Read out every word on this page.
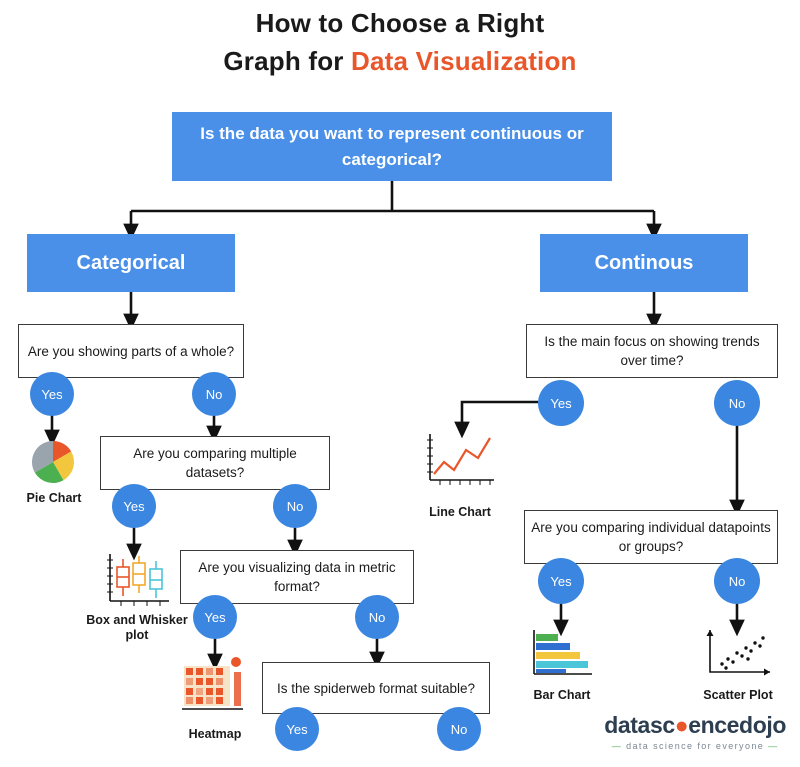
How to Choose a Right
Graph for Data Visualization
Is the data you want to represent continuous or categorical?
Categorical	Continous
Are you showing parts of a whole?
Are you comparing multiple datasets?
Are you visualizing data in metric format?
Is the spiderweb format suitable?
Is the main focus on showing trends over time?
Are you comparing individual datapoints or groups?
Yes	No
Yes	No
Yes	No
Yes	No
Yes	No
Yes	No
Pie Chart
Box and Whisker plot
Heatmap
Line Chart
Bar Chart	Scatter Plot
datasc●encedojo
— data science for everyone —
